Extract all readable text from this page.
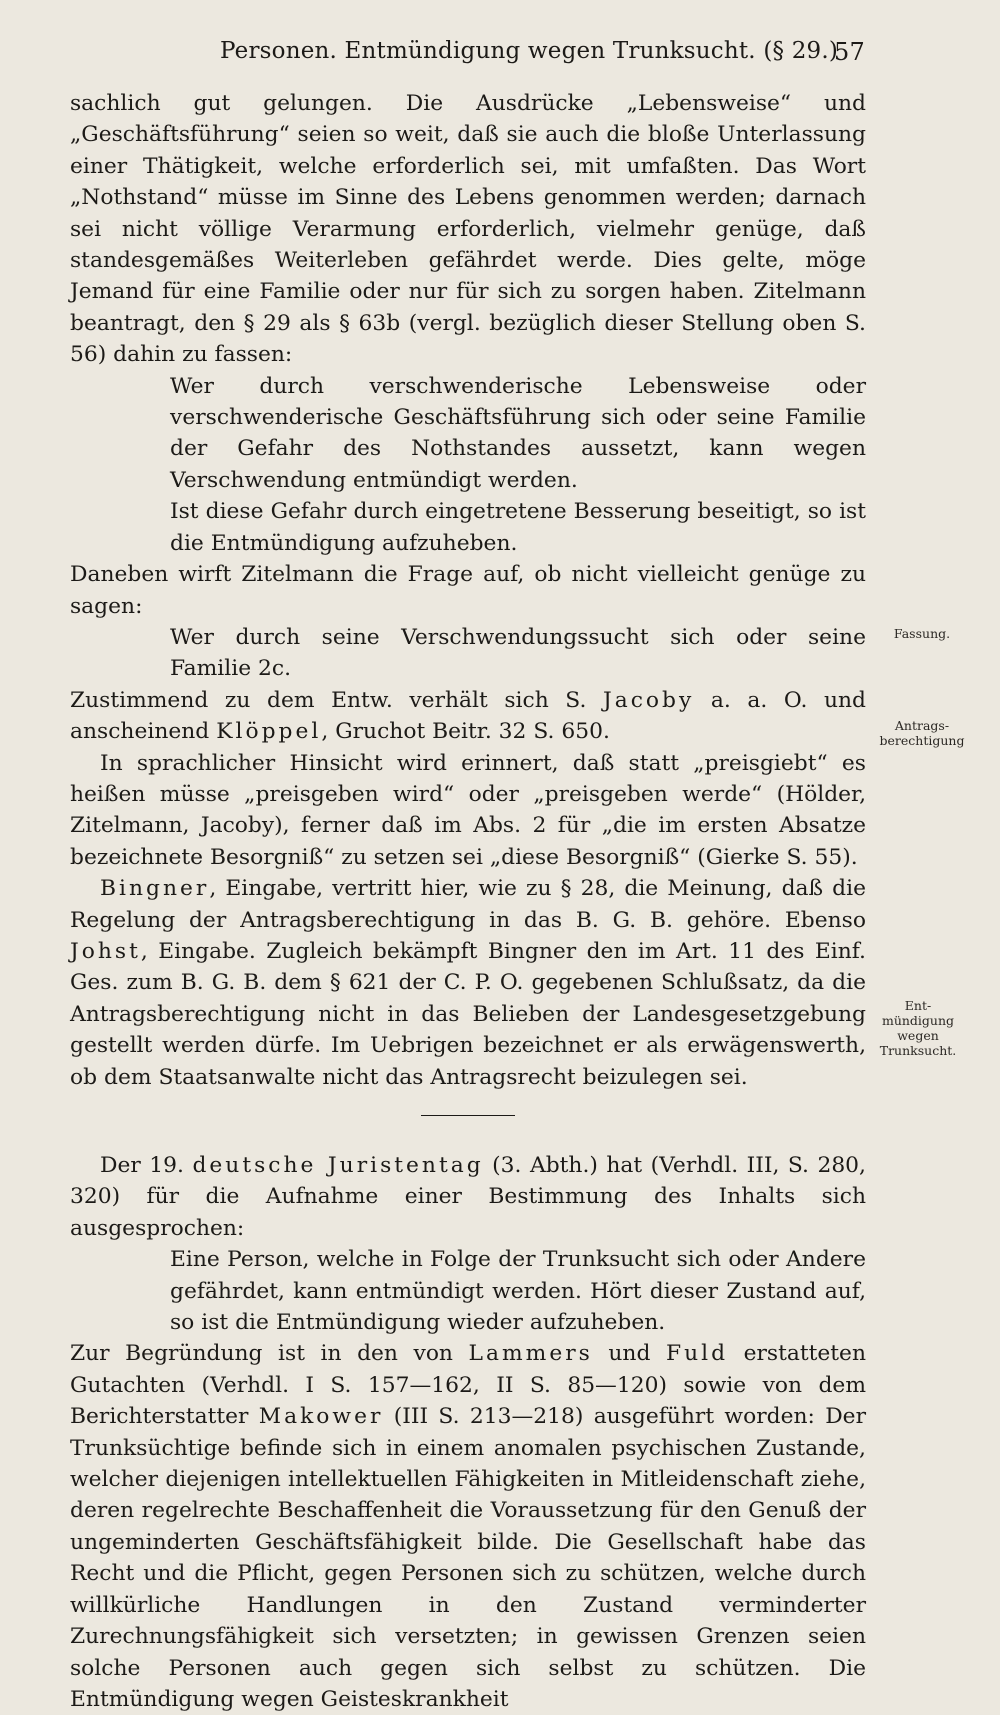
Personen. Entmündigung wegen Trunksucht. (§ 29.)
57

sachlich gut gelungen. Die Ausdrücke „Lebensweise“ und „Geschäftsführung“ seien so weit, daß sie auch die bloße Unterlassung einer Thätigkeit, welche erforderlich sei, mit umfaßten. Das Wort „Nothstand“ müsse im Sinne des Lebens genommen werden; darnach sei nicht völlige Verarmung erforderlich, vielmehr genüge, daß standesgemäßes Weiterleben gefährdet werde. Dies gelte, möge Jemand für eine Familie oder nur für sich zu sorgen haben. Zitelmann beantragt, den § 29 als § 63b (vergl. bezüglich dieser Stellung oben S. 56) dahin zu fassen:

Wer durch verschwenderische Lebensweise oder verschwenderische Geschäftsführung sich oder seine Familie der Gefahr des Nothstandes aussetzt, kann wegen Verschwendung entmündigt werden.

Ist diese Gefahr durch eingetretene Besserung beseitigt, so ist die Entmündigung aufzuheben.

Daneben wirft Zitelmann die Frage auf, ob nicht vielleicht genüge zu sagen:

Wer durch seine Verschwendungssucht sich oder seine Familie 2c.

Zustimmend zu dem Entw. verhält sich S. Jacoby a. a. O. und anscheinend Klöppel, Gruchot Beitr. 32 S. 650.

In sprachlicher Hinsicht wird erinnert, daß statt „preisgiebt“ es heißen müsse „preisgeben wird“ oder „preisgeben werde“ (Hölder, Zitelmann, Jacoby), ferner daß im Abs. 2 für „die im ersten Absatze bezeichnete Besorgniß“ zu setzen sei „diese Besorgniß“ (Gierke S. 55).

Bingner, Eingabe, vertritt hier, wie zu § 28, die Meinung, daß die Regelung der Antragsberechtigung in das B. G. B. gehöre. Ebenso Johst, Eingabe. Zugleich bekämpft Bingner den im Art. 11 des Einf. Ges. zum B. G. B. dem § 621 der C. P. O. gegebenen Schlußsatz, da die Antragsberechtigung nicht in das Belieben der Landesgesetzgebung gestellt werden dürfe. Im Uebrigen bezeichnet er als erwägenswerth, ob dem Staatsanwalte nicht das Antragsrecht beizulegen sei.

Der 19. deutsche Juristentag (3. Abth.) hat (Verhdl. III, S. 280, 320) für die Aufnahme einer Bestimmung des Inhalts sich ausgesprochen:

Eine Person, welche in Folge der Trunksucht sich oder Andere gefährdet, kann entmündigt werden. Hört dieser Zustand auf, so ist die Entmündigung wieder aufzuheben.

Zur Begründung ist in den von Lammers und Fuld erstatteten Gutachten (Verhdl. I S. 157—162, II S. 85—120) sowie von dem Berichterstatter Makower (III S. 213—218) ausgeführt worden: Der Trunksüchtige befinde sich in einem anomalen psychischen Zustande, welcher diejenigen intellektuellen Fähigkeiten in Mitleidenschaft ziehe, deren regelrechte Beschaffenheit die Voraussetzung für den Genuß der ungeminderten Geschäftsfähigkeit bilde. Die Gesellschaft habe das Recht und die Pflicht, gegen Personen sich zu schützen, welche durch willkürliche Handlungen in den Zustand verminderter Zurechnungsfähigkeit sich versetzten; in gewissen Grenzen seien solche Personen auch gegen sich selbst zu schützen. Die Entmündigung wegen Geisteskrankheit

Fassung.
Antrags-berechtigung
Ent-mündigung wegen Trunksucht.
